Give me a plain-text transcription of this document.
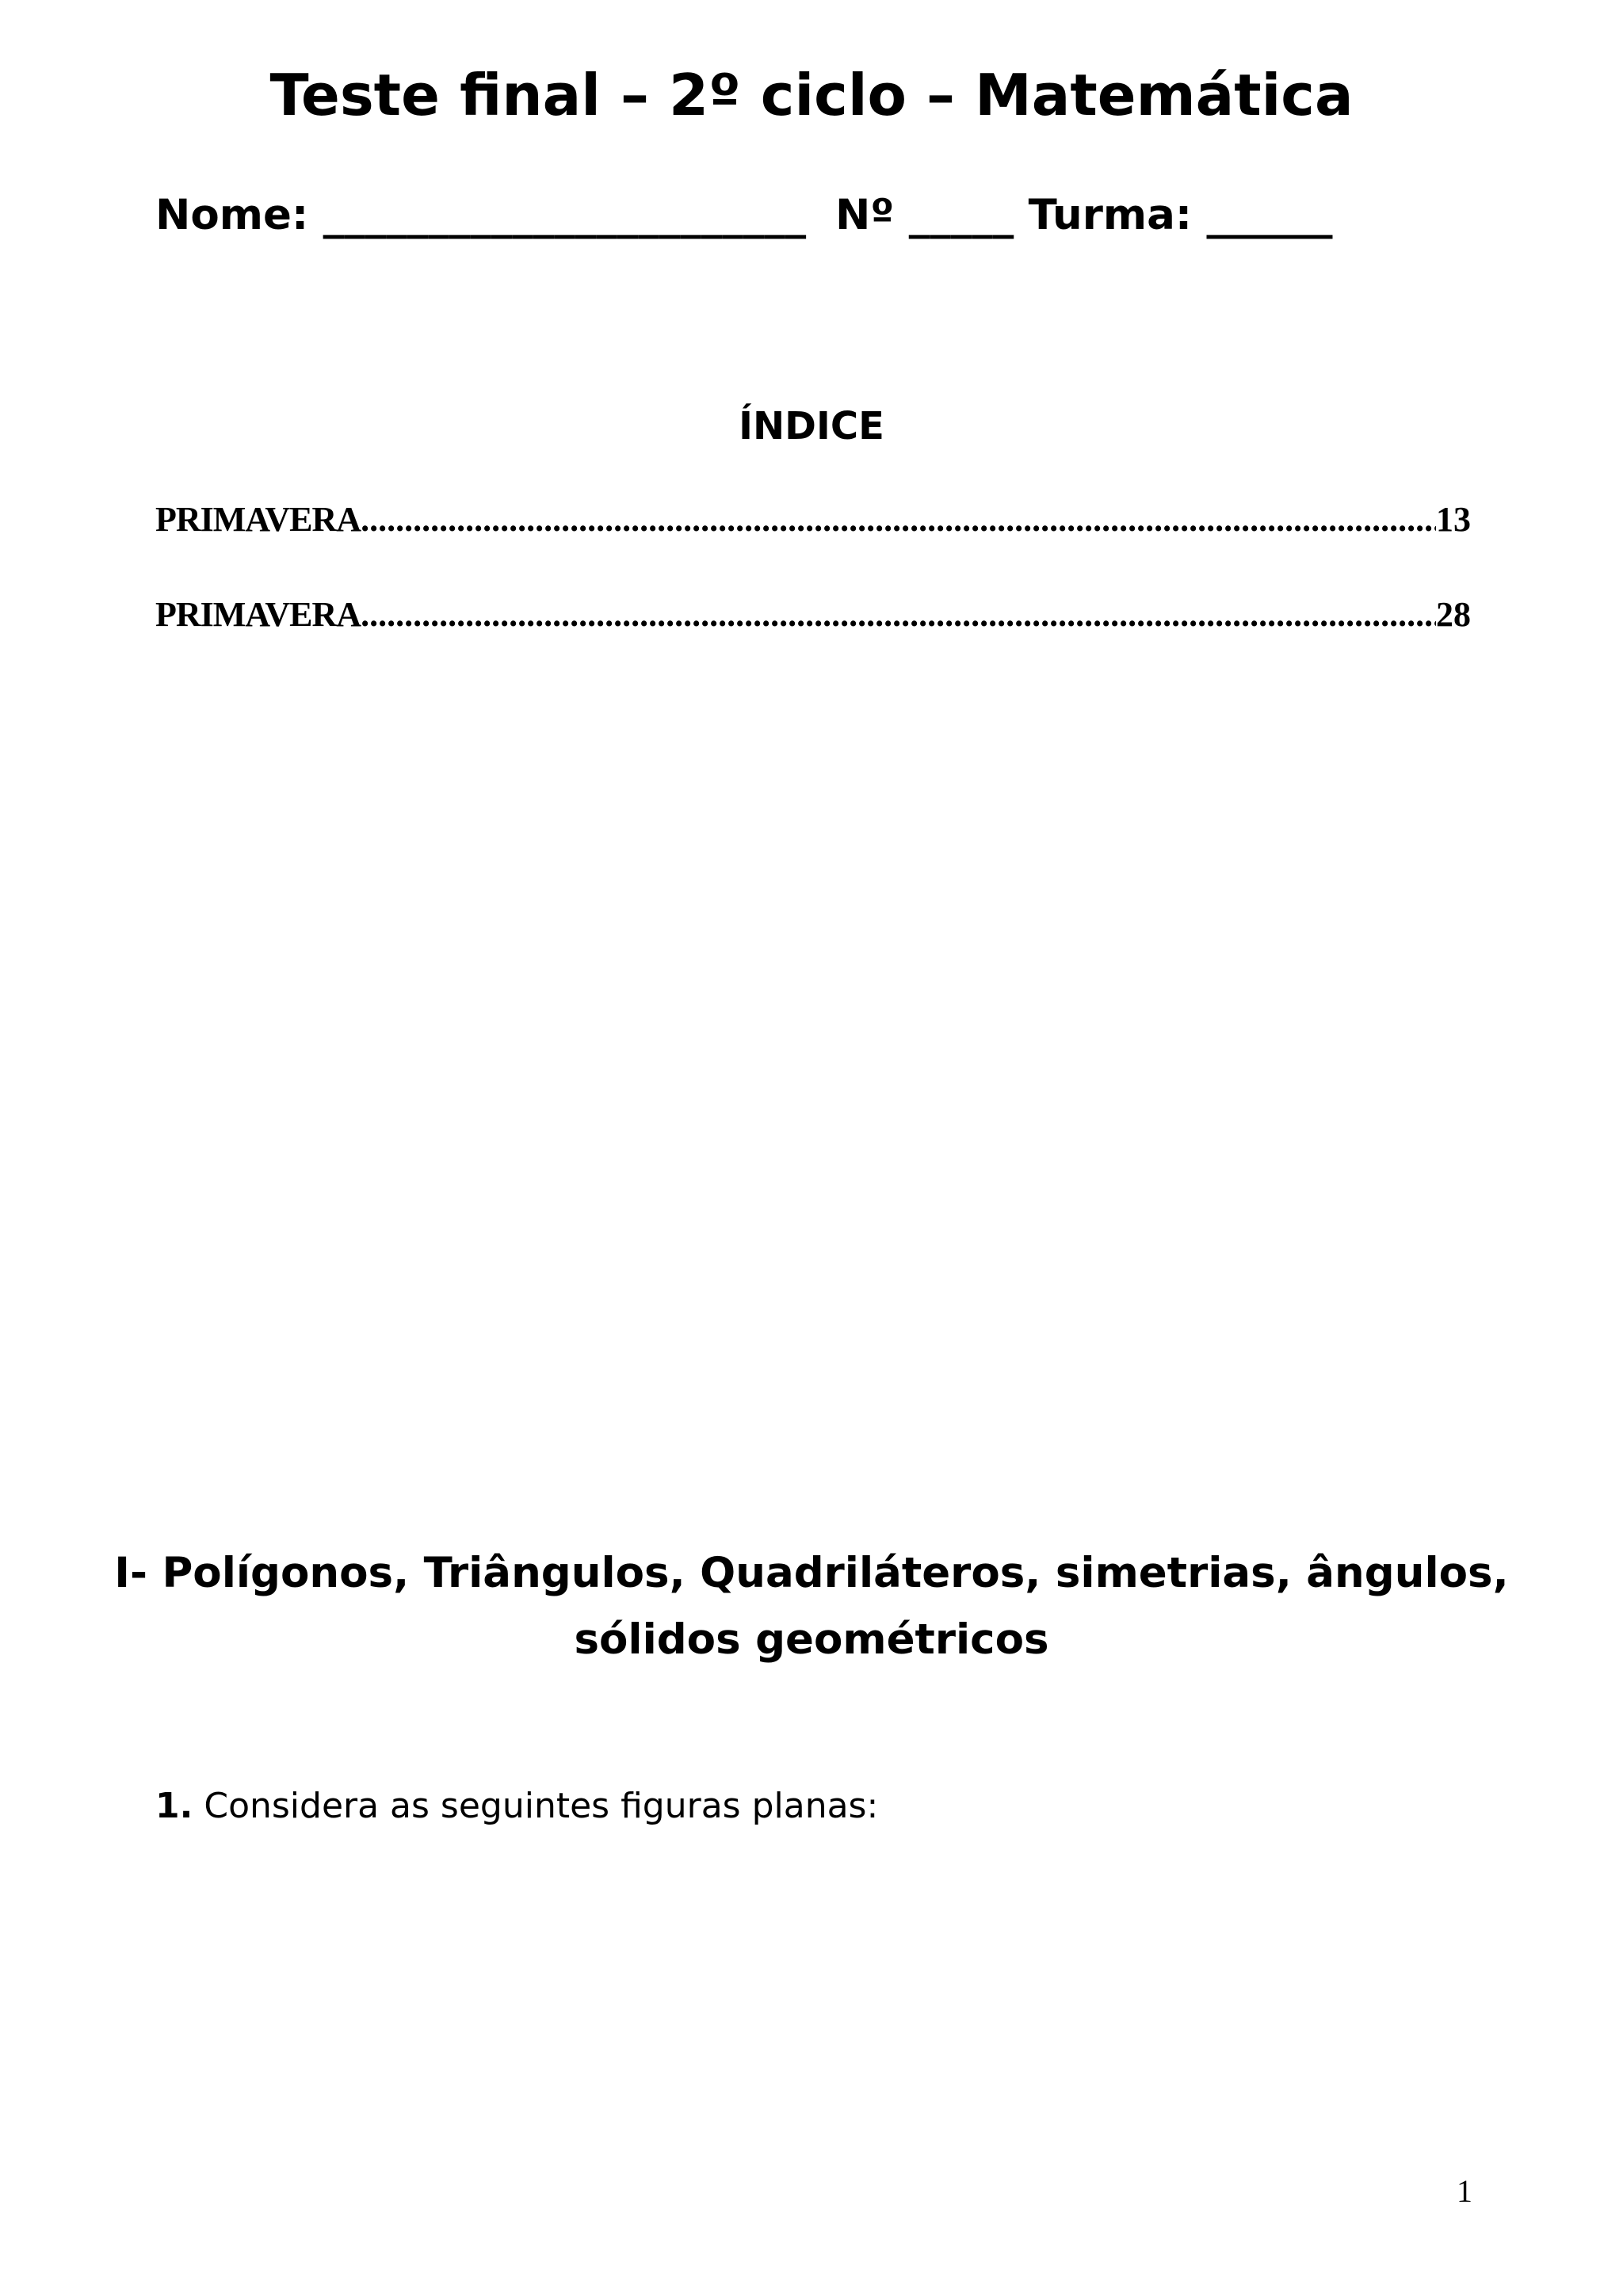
Teste final – 2º ciclo – Matemática
Nome: _______________________ Nº _____ Turma: ______
ÍNDICE
PRIMAVERA .....	13
PRIMAVERA .....	28
I- Polígonos, Triângulos, Quadriláteros, simetrias, ângulos,
sólidos geométricos
1. Considera as seguintes figuras planas:
1
